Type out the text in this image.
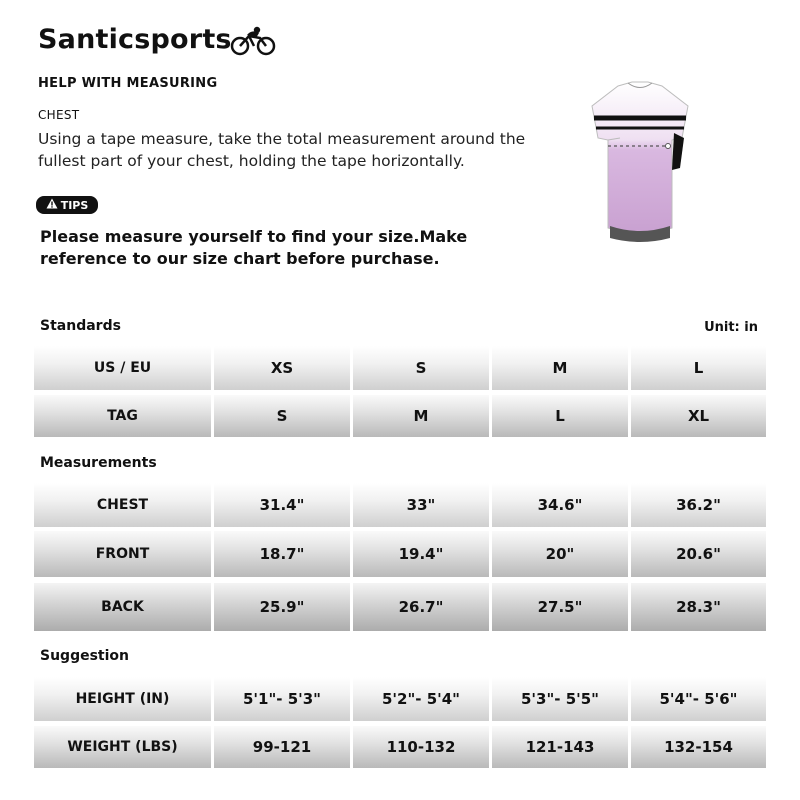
Santicsports
HELP WITH MEASURING
CHEST
Using a tape measure, take the total measurement around the fullest part of your chest, holding the tape horizontally.
TIPS
Please measure yourself to find your size.Make reference to our size chart before purchase.
Standards	Unit: in
Measurements
Suggestion
US / EU	XS	S	M	L
TAG	S	M	L	XL
CHEST	31.4"	33"	34.6"	36.2"
FRONT	18.7"	19.4"	20"	20.6"
BACK	25.9"	26.7"	27.5"	28.3"
HEIGHT (IN)	5'1"- 5'3"	5'2"- 5'4"	5'3"- 5'5"	5'4"- 5'6"
WEIGHT (LBS)	99-121	110-132	121-143	132-154
